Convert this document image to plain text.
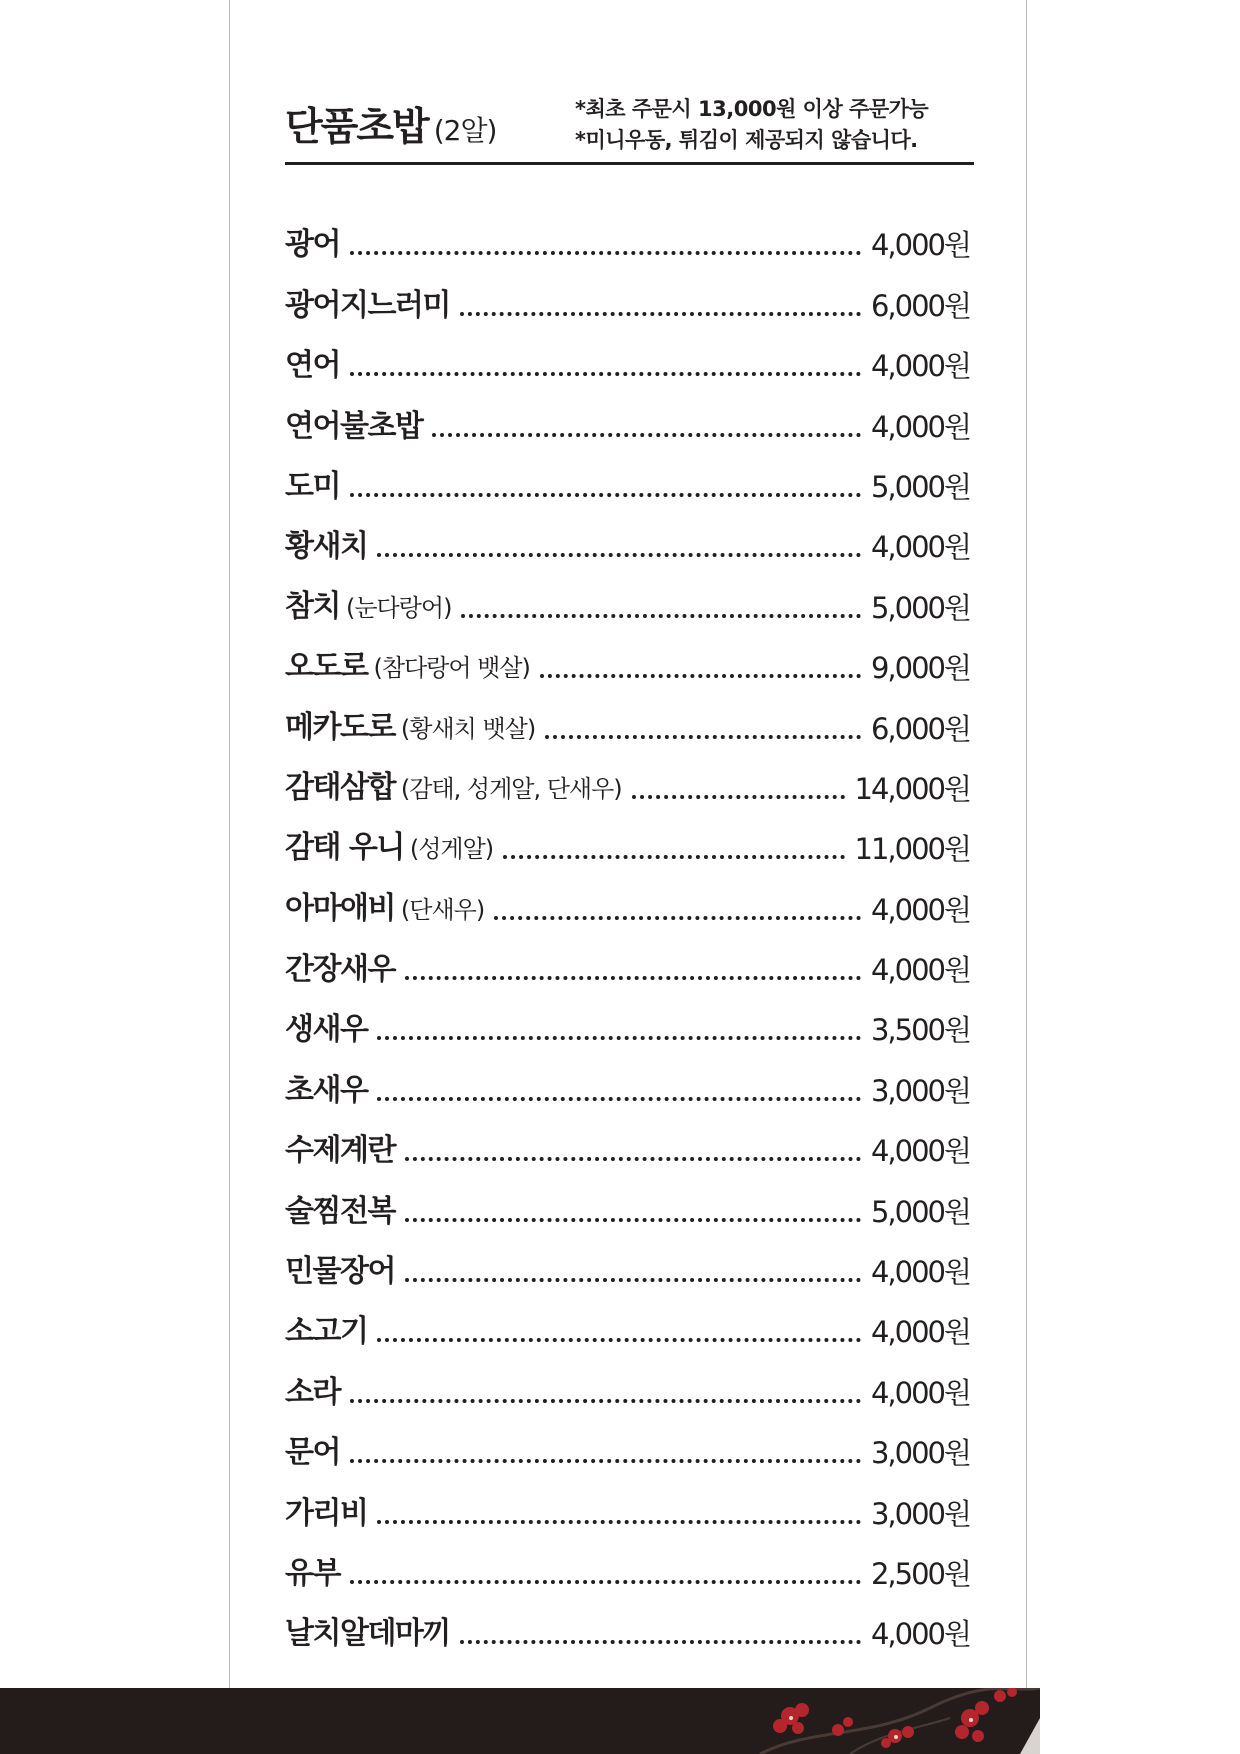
단품초밥 (2알)
*최초 주문시 13,000원 이상 주문가능
*미니우동, 튀김이 제공되지 않습니다.
광어	4,000원
광어지느러미	6,000원
연어	4,000원
연어불초밥	4,000원
도미	5,000원
황새치	4,000원
참치 (눈다랑어)	5,000원
오도로 (참다랑어 뱃살)	9,000원
메카도로 (황새치 뱃살)	6,000원
감태삼합 (감태, 성게알, 단새우)	14,000원
감태 우니 (성게알)	11,000원
아마애비 (단새우)	4,000원
간장새우	4,000원
생새우	3,500원
초새우	3,000원
수제계란	4,000원
술찜전복	5,000원
민물장어	4,000원
소고기	4,000원
소라	4,000원
문어	3,000원
가리비	3,000원
유부	2,500원
날치알데마끼	4,000원
